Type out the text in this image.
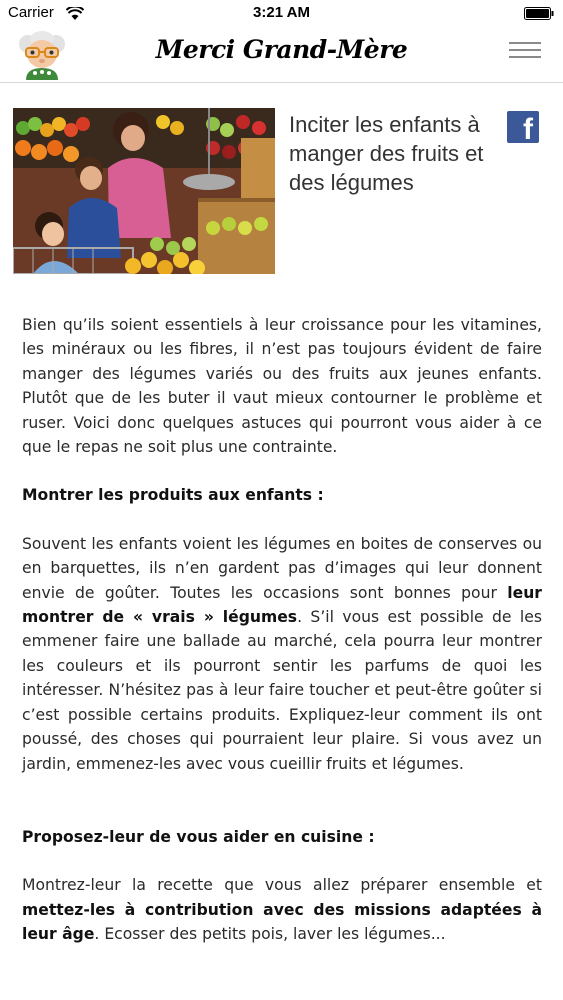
Carrier	3:21 AM
Merci Grand-Mère
Inciter les enfants à manger des fruits et des légumes
f

Bien qu’ils soient essentiels à leur croissance pour les vitamines, les minéraux ou les fibres, il n’est pas toujours évident de faire manger des légumes variés ou des fruits aux jeunes enfants. Plutôt que de les buter il vaut mieux contourner le problème et ruser. Voici donc quelques astuces qui pourront vous aider à ce que le repas ne soit plus une contrainte.

Montrer les produits aux enfants :

Souvent les enfants voient les légumes en boites de conserves ou en barquettes, ils n’en gardent pas d’images qui leur donnent envie de goûter. Toutes les occasions sont bonnes pour leur montrer de « vrais » légumes. S’il vous est possible de les emmener faire une ballade au marché, cela pourra leur montrer les couleurs et ils pourront sentir les parfums de quoi les intéresser. N’hésitez pas à leur faire toucher et peut-être goûter si c’est possible certains produits. Expliquez-leur comment ils ont poussé, des choses qui pourraient leur plaire. Si vous avez un jardin, emmenez-les avec vous cueillir fruits et légumes.

Proposez-leur de vous aider en cuisine :

Montrez-leur la recette que vous allez préparer ensemble et mettez-les à contribution avec des missions adaptées à leur âge. Ecosser des petits pois, laver les légumes...
